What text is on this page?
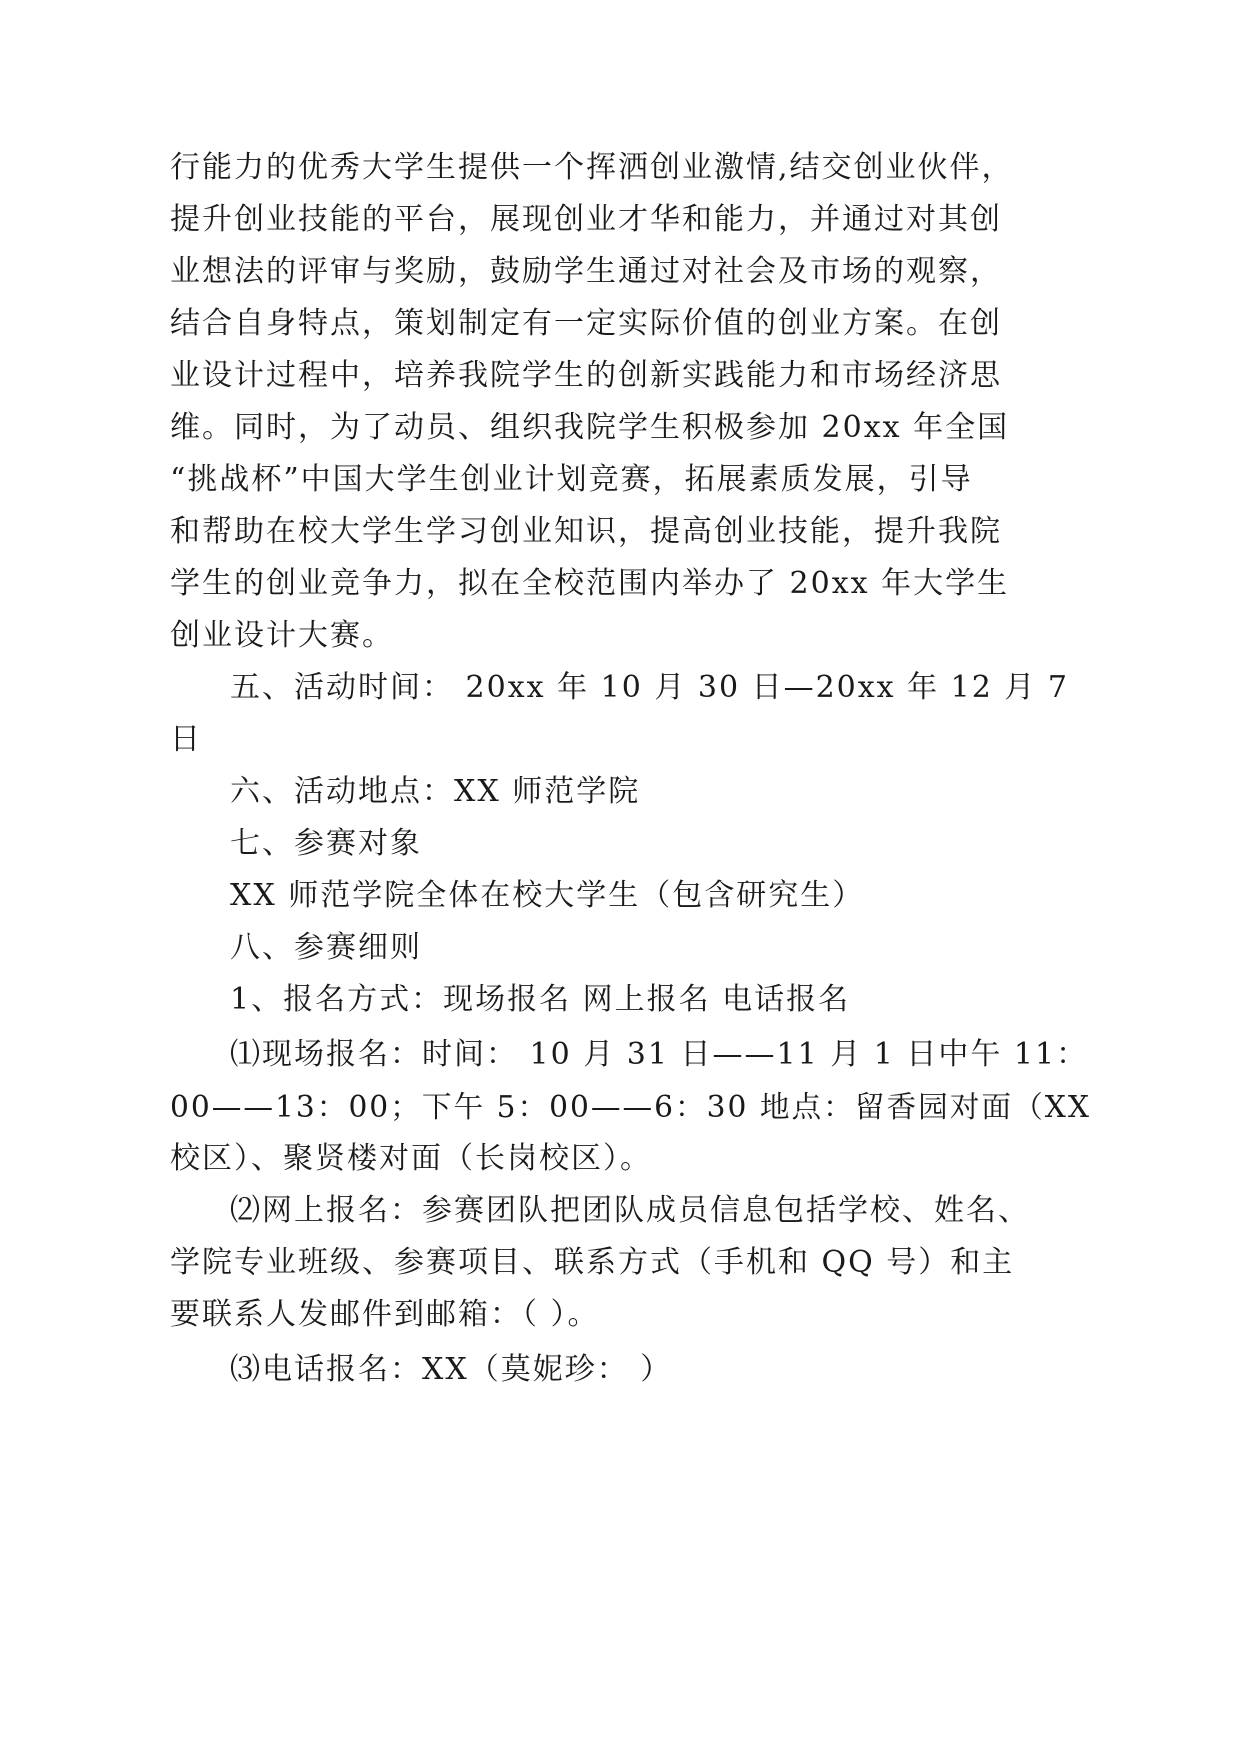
行能力的优秀大学生提供一个挥洒创业激情,结交创业伙伴，

提升创业技能的平台，展现创业才华和能力，并通过对其创

业想法的评审与奖励，鼓励学生通过对社会及市场的观察，

结合自身特点，策划制定有一定实际价值的创业方案。在创

业设计过程中，培养我院学生的创新实践能力和市场经济思

维。同时，为了动员、组织我院学生积极参加 20xx 年全国

“挑战杯”中国大学生创业计划竞赛，拓展素质发展，引导

和帮助在校大学生学习创业知识，提高创业技能，提升我院

学生的创业竞争力，拟在全校范围内举办了 20xx 年大学生

创业设计大赛。

五、活动时间： 20xx 年 10 月 30 日—20xx 年 12 月 7

日

六、活动地点：XX 师范学院

七、参赛对象

XX 师范学院全体在校大学生（包含研究生）

八、参赛细则

1、报名方式：现场报名 网上报名 电话报名

⑴现场报名：时间： 10 月 31 日——11 月 1 日中午 11：

00——13：00；下午 5：00——6：30 地点：留香园对面（XX

校区）、聚贤楼对面（长岗校区）。

⑵网上报名：参赛团队把团队成员信息包括学校、姓名、

学院专业班级、参赛项目、联系方式（手机和 QQ 号）和主

要联系人发邮件到邮箱：（ ）。

⑶电话报名：XX（莫妮珍： ）
